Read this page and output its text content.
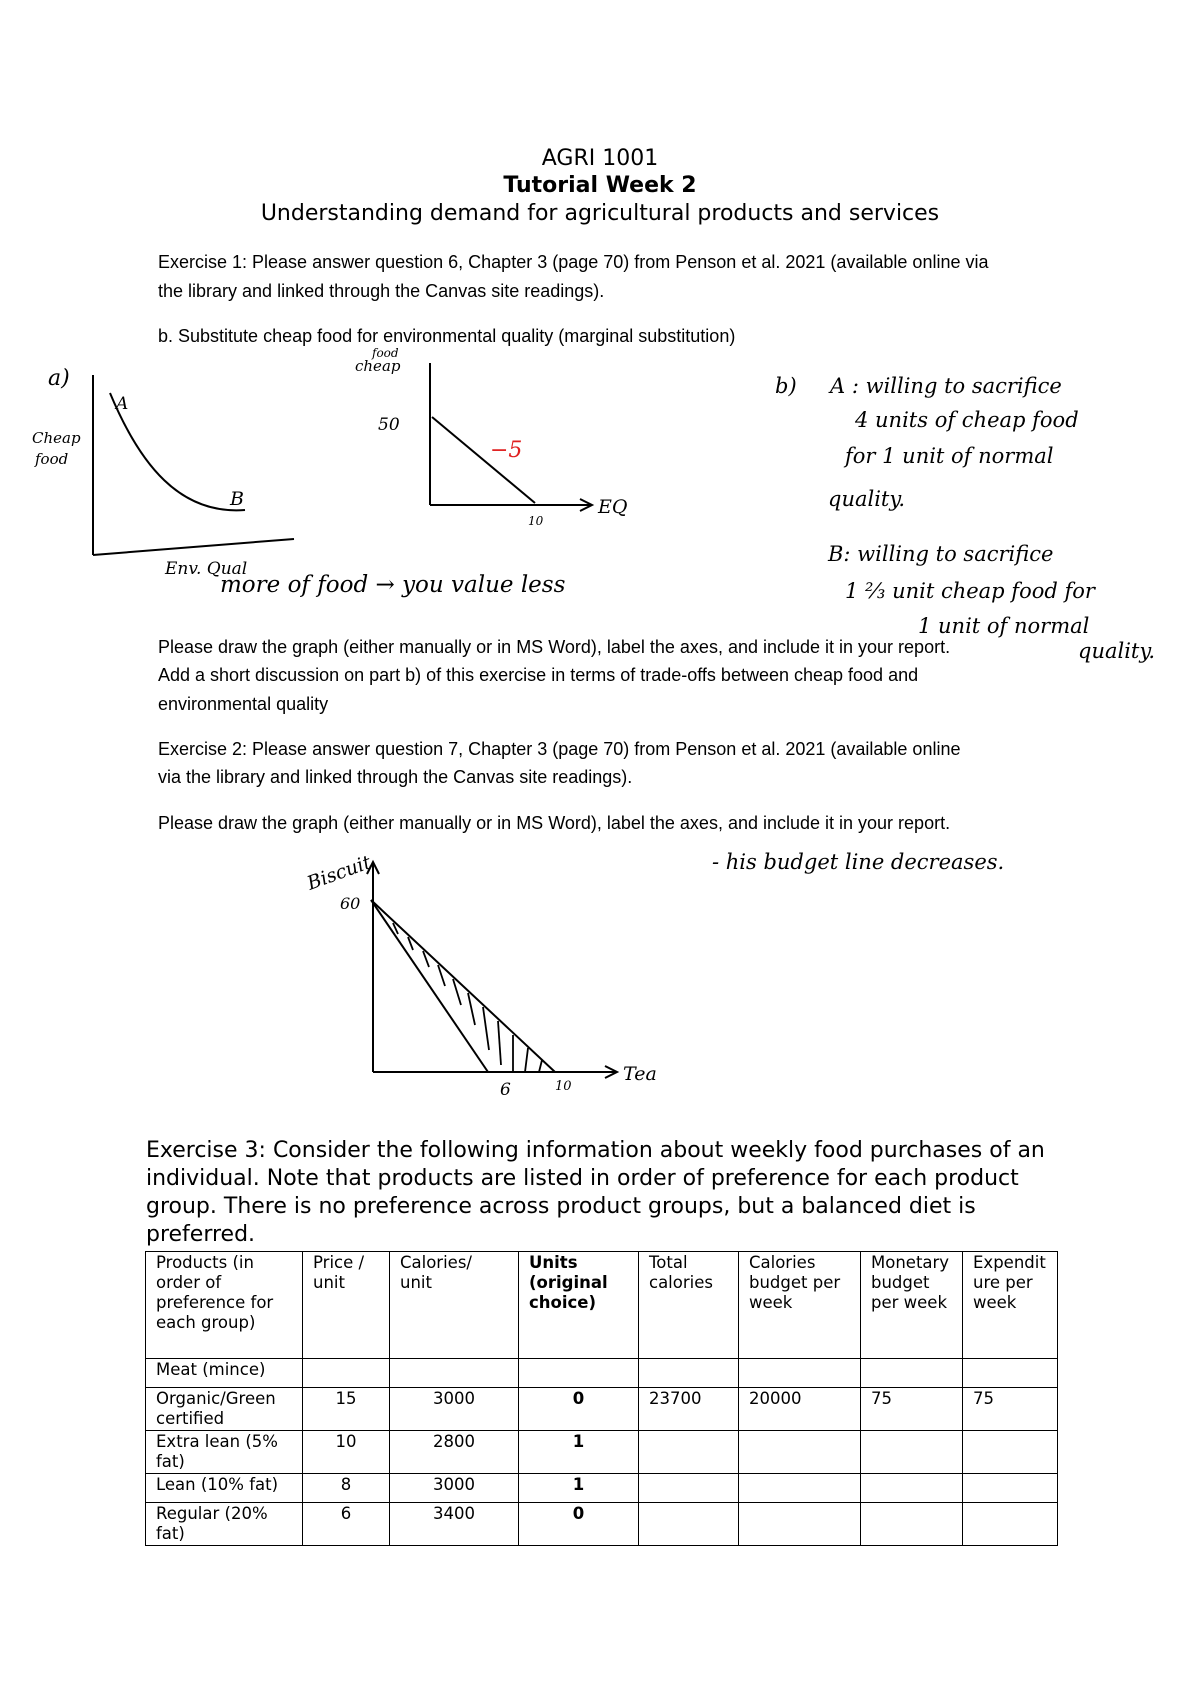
AGRI 1001
Tutorial Week 2
Understanding demand for agricultural products and services
Exercise 1: Please answer question 6, Chapter 3 (page 70) from Penson et al. 2021 (available online via
the library and linked through the Canvas site readings).
b. Substitute cheap food for environmental quality (marginal substitution)
a)
Cheap
food
A
B
Env. Qual
more of food → you value less
cheap
food
50
−5
10
EQ
b) A : willing to sacrifice
4 units of cheap food
for 1 unit of normal
quality.
B: willing to sacrifice
1 ⅔ unit cheap food for
1 unit of normal
quality.
Please draw the graph (either manually or in MS Word), label the axes, and include it in your report.
Add a short discussion on part b) of this exercise in terms of trade-offs between cheap food and
environmental quality
Exercise 2: Please answer question 7, Chapter 3 (page 70) from Penson et al. 2021 (available online
via the library and linked through the Canvas site readings).
Please draw the graph (either manually or in MS Word), label the axes, and include it in your report.
Biscuit
60
6	10
Tea
- his budget line decreases.
Exercise 3: Consider the following information about weekly food purchases of an individual. Note that products are listed in order of preference for each product group. There is no preference across product groups, but a balanced diet is preferred.
Products (in order of preference for each group)	Price / unit	Calories/ unit	Units (original choice)	Total calories	Calories budget per week	Monetary budget per week	Expenditure per week
Meat (mince)							
Organic/Green certified	15	3000	0	23700	20000	75	75
Extra lean (5% fat)	10	2800	1				
Lean (10% fat)	8	3000	1				
Regular (20% fat)	6	3400	0				
